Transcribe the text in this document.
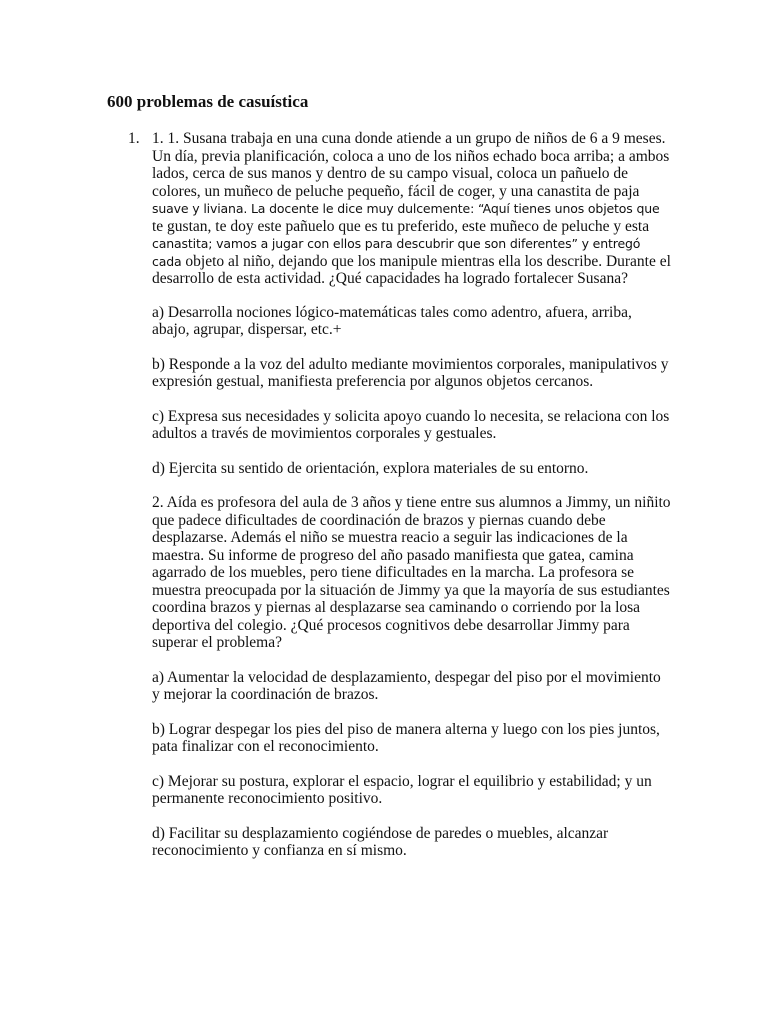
600 problemas de casuística
1. 1. 1. Susana trabaja en una cuna donde atiende a un grupo de niños de 6 a 9 meses. Un día, previa planificación, coloca a uno de los niños echado boca arriba; a ambos lados, cerca de sus manos y dentro de su campo visual, coloca un pañuelo de colores, un muñeco de peluche pequeño, fácil de coger, y una canastita de paja suave y liviana. La docente le dice muy dulcemente: “Aquí tienes unos objetos que te gustan, te doy este pañuelo que es tu preferido, este muñeco de peluche y esta canastita; vamos a jugar con ellos para descubrir que son diferentes” y entregó cada objeto al niño, dejando que los manipule mientras ella los describe. Durante el desarrollo de esta actividad. ¿Qué capacidades ha logrado fortalecer Susana?

a) Desarrolla nociones lógico-matemáticas tales como adentro, afuera, arriba, abajo, agrupar, dispersar, etc.+

b) Responde a la voz del adulto mediante movimientos corporales, manipulativos y expresión gestual, manifiesta preferencia por algunos objetos cercanos.

c) Expresa sus necesidades y solicita apoyo cuando lo necesita, se relaciona con los adultos a través de movimientos corporales y gestuales.

d) Ejercita su sentido de orientación, explora materiales de su entorno.

2. Aída es profesora del aula de 3 años y tiene entre sus alumnos a Jimmy, un niñito que padece dificultades de coordinación de brazos y piernas cuando debe desplazarse. Además el niño se muestra reacio a seguir las indicaciones de la maestra. Su informe de progreso del año pasado manifiesta que gatea, camina agarrado de los muebles, pero tiene dificultades en la marcha. La profesora se muestra preocupada por la situación de Jimmy ya que la mayoría de sus estudiantes coordina brazos y piernas al desplazarse sea caminando o corriendo por la losa deportiva del colegio. ¿Qué procesos cognitivos debe desarrollar Jimmy para superar el problema?

a) Aumentar la velocidad de desplazamiento, despegar del piso por el movimiento y mejorar la coordinación de brazos.

b) Lograr despegar los pies del piso de manera alterna y luego con los pies juntos, pata finalizar con el reconocimiento.

c) Mejorar su postura, explorar el espacio, lograr el equilibrio y estabilidad; y un permanente reconocimiento positivo.

d) Facilitar su desplazamiento cogiéndose de paredes o muebles, alcanzar reconocimiento y confianza en sí mismo.
